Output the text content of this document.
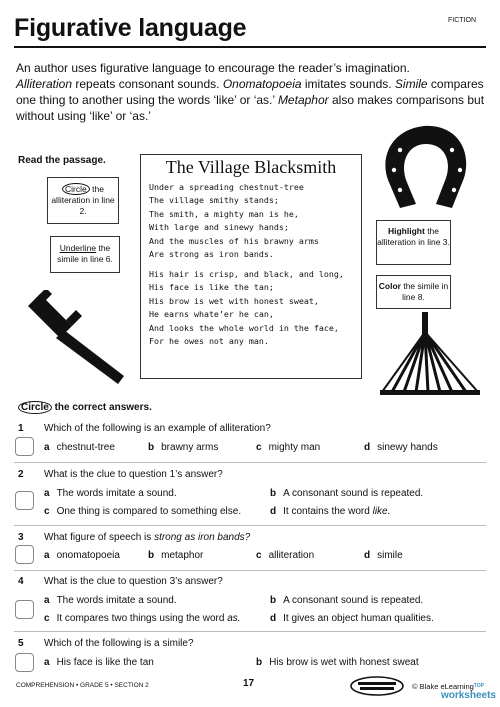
Figurative language	FICTION
An author uses figurative language to encourage the reader’s imagination.
Alliteration repeats consonant sounds. Onomatopoeia imitates sounds. Simile compares one thing to another using the words ‘like’ or ‘as.’ Metaphor also makes comparisons but without using ‘like’ or ‘as.’
Read the passage.
Circle the alliteration in line 2.
Underline the simile in line 6.
Highlight the alliteration in line 3.
Color the simile in line 8.
The Village Blacksmith
Under a spreading chestnut-tree
The village smithy stands;
The smith, a mighty man is he,
With large and sinewy hands;
And the muscles of his brawny arms
Are strong as iron bands.
His hair is crisp, and black, and long,
His face is like the tan;
His brow is wet with honest sweat,
He earns whate’er he can,
And looks the whole world in the face,
For he owes not any man.
Circle the correct answers.
1 Which of the following is an example of alliteration?
a chestnut-tree	b brawny arms	c mighty man	d sinewy hands
2 What is the clue to question 1’s answer?
a The words imitate a sound.	b A consonant sound is repeated.
c One thing is compared to something else.	d It contains the word like.
3 What figure of speech is strong as iron bands?
a onomatopoeia	b metaphor	c alliteration	d simile
4 What is the clue to question 3’s answer?
a The words imitate a sound.	b A consonant sound is repeated.
c It compares two things using the word as.	d It gives an object human qualities.
5 Which of the following is a simile?
a His face is like the tan	b His brow is wet with honest sweat
COMPREHENSION • GRADE 5 • SECTION 2	17	© Blake eLearning TOP
worksheets
